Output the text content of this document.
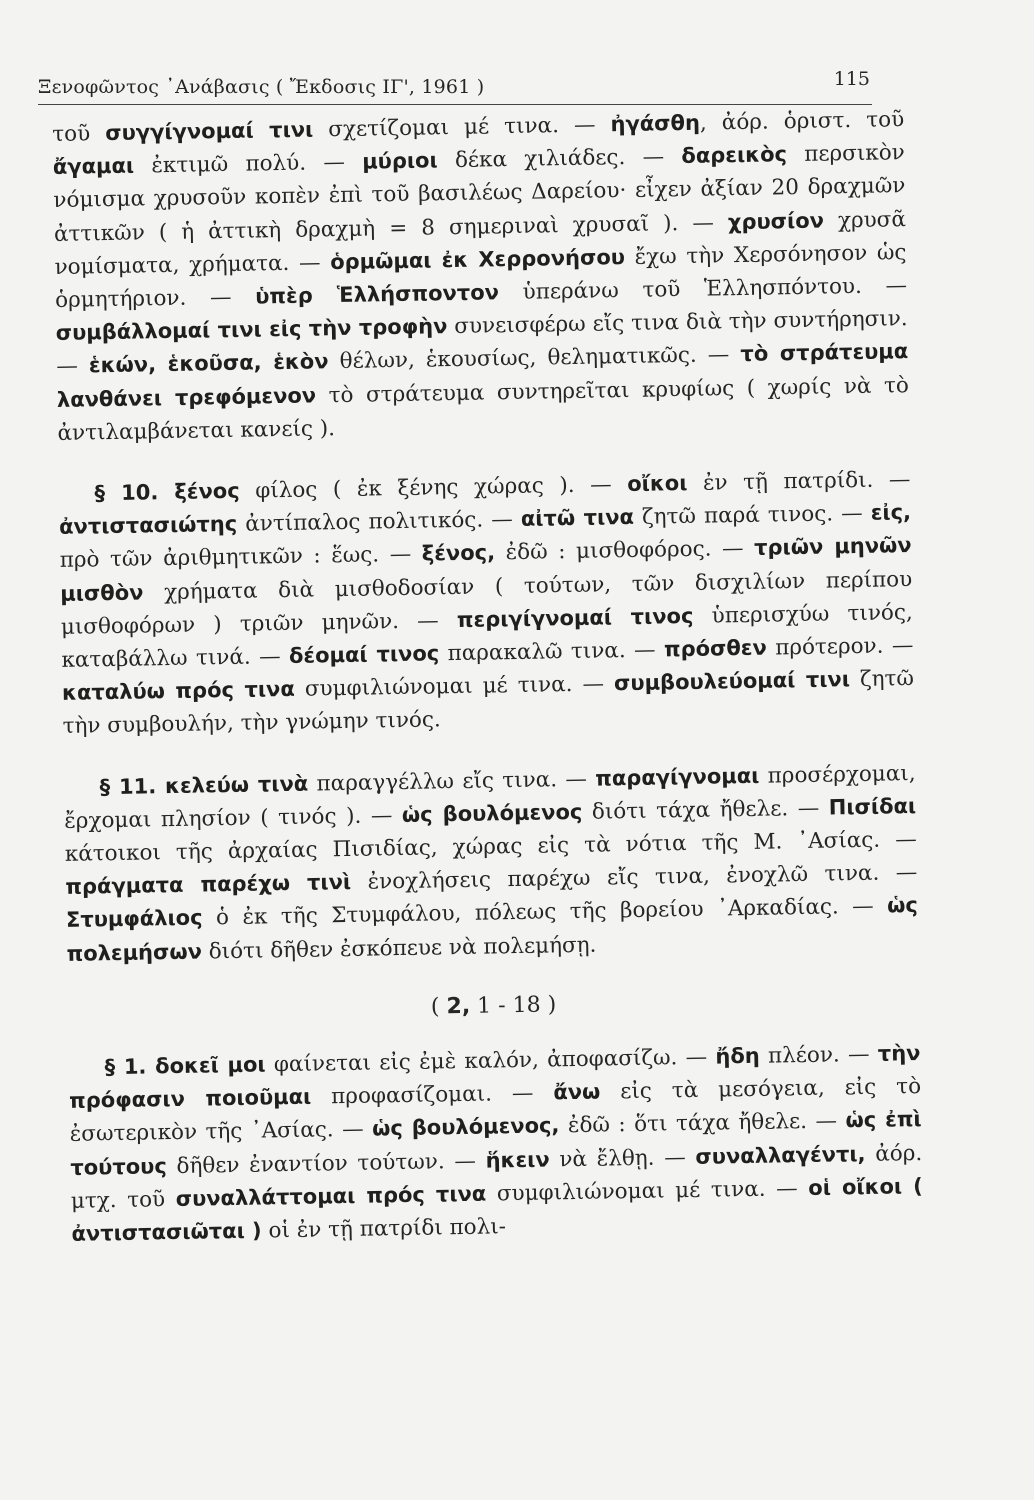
Ξενοφῶντος ᾽Ανάβασις ( Ἔκδοσις ΙΓ', 1961 )	115

τοῦ συγγίγνομαί τινι σχετίζομαι μέ τινα. — ἠγάσθη, ἀόρ. ὁριστ. τοῦ ἄγαμαι ἐκτιμῶ πολύ. — μύριοι δέκα χιλιάδες. — δαρεικὸς περσικὸν νόμισμα χρυσοῦν κοπὲν ἐπὶ τοῦ βασιλέως Δαρείου· εἶχεν ἀξίαν 20 δραχμῶν ἀττικῶν ( ἡ ἀττικὴ δραχμὴ = 8 σημεριναὶ χρυσαῖ ). — χρυσίον χρυσᾶ νομίσματα, χρήματα. — ὁρμῶμαι ἐκ Χερρονήσου ἔχω τὴν Χερσόνησον ὡς ὁρμητήριον. — ὑπὲρ Ἑλλήσποντον ὑπεράνω τοῦ Ἑλλησπόντου. — συμβάλλομαί τινι εἰς τὴν τροφὴν συνεισφέρω εἴς τινα διὰ τὴν συντήρησιν. — ἑκών, ἑκοῦσα, ἑκὸν θέλων, ἑκουσίως, θεληματικῶς. — τὸ στράτευμα λανθάνει τρεφόμενον τὸ στράτευμα συντηρεῖται κρυφίως ( χωρίς νὰ τὸ ἀντιλαμβάνεται κανείς ).

§ 10. ξένος φίλος ( ἐκ ξένης χώρας ). — οἴκοι ἐν τῇ πατρίδι. — ἀντιστασιώτης ἀντίπαλος πολιτικός. — αἰτῶ τινα ζητῶ παρά τινος. — εἰς, πρὸ τῶν ἀριθμητικῶν : ἕως. — ξένος, ἐδῶ : μισθοφόρος. — τριῶν μηνῶν μισθὸν χρήματα διὰ μισθοδοσίαν ( τούτων, τῶν δισχιλίων περίπου μισθοφόρων ) τριῶν μηνῶν. — περιγίγνομαί τινος ὑπερισχύω τινός, καταβάλλω τινά. — δέομαί τινος παρακαλῶ τινα. — πρόσθεν πρότερον. — καταλύω πρός τινα συμφιλιώνομαι μέ τινα. — συμβουλεύομαί τινι ζητῶ τὴν συμβουλήν, τὴν γνώμην τινός.

§ 11. κελεύω τινὰ παραγγέλλω εἴς τινα. — παραγίγνομαι προσέρχομαι, ἔρχομαι πλησίον ( τινός ). — ὡς βουλόμενος διότι τάχα ἤθελε. — Πισίδαι κάτοικοι τῆς ἀρχαίας Πισιδίας, χώρας εἰς τὰ νότια τῆς Μ. ᾽Ασίας. — πράγματα παρέχω τινὶ ἐνοχλήσεις παρέχω εἴς τινα, ἐνοχλῶ τινα. — Στυμφάλιος ὁ ἐκ τῆς Στυμφάλου, πόλεως τῆς βορείου ᾽Αρκαδίας. — ὡς πολεμήσων διότι δῆθεν ἐσκόπευε νὰ πολεμήσῃ.

( 2, 1 - 18 )

§ 1. δοκεῖ μοι φαίνεται εἰς ἐμὲ καλόν, ἀποφασίζω. — ἤδη πλέον. — τὴν πρόφασιν ποιοῦμαι προφασίζομαι. — ἄνω εἰς τὰ μεσόγεια, εἰς τὸ ἐσωτερικὸν τῆς ᾽Ασίας. — ὡς βουλόμενος, ἐδῶ : ὅτι τάχα ἤθελε. — ὡς ἐπὶ τούτους δῆθεν ἐναντίον τούτων. — ἥκειν νὰ ἔλθῃ. — συναλλαγέντι, ἀόρ. μτχ. τοῦ συναλλάττομαι πρός τινα συμφιλιώνομαι μέ τινα. — οἱ οἴκοι ( ἀντιστασιῶται ) οἱ ἐν τῇ πατρίδι πολι-
